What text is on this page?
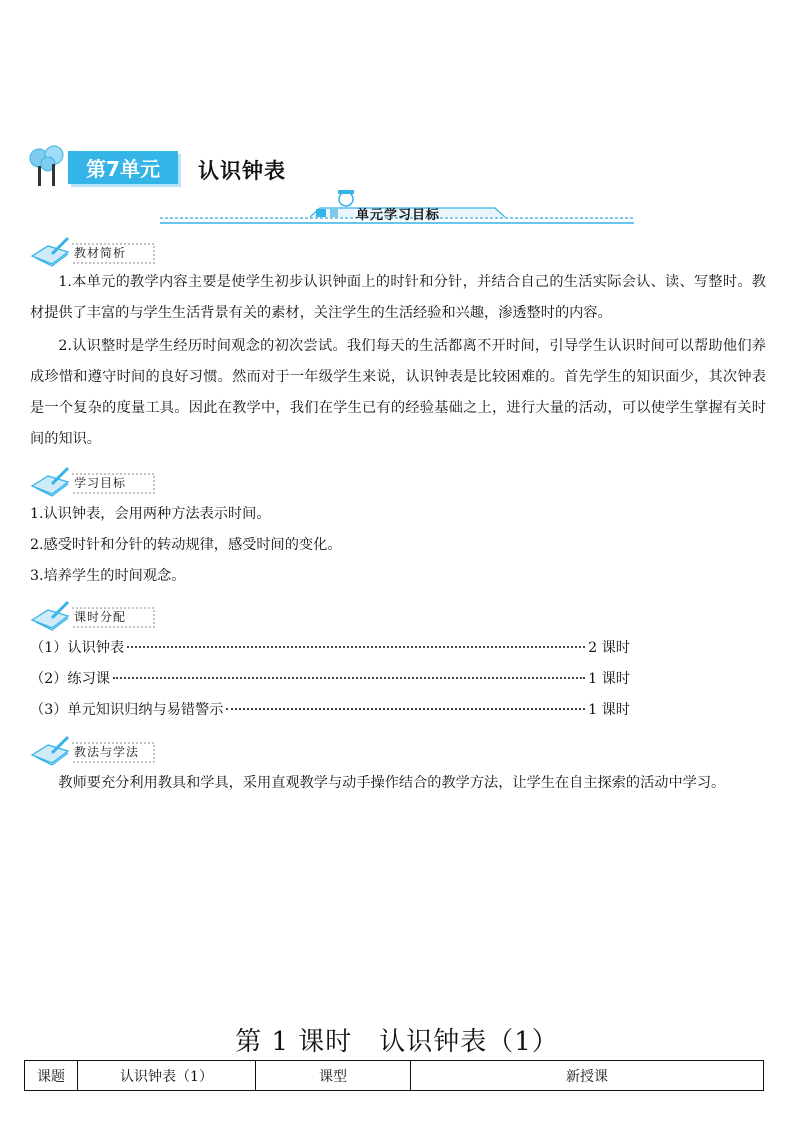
第7单元	认识钟表
单元学习目标
教材简析
1.本单元的教学内容主要是使学生初步认识钟面上的时针和分针，并结合自己的生活实际会认、读、写整时。教材提供了丰富的与学生生活背景有关的素材，关注学生的生活经验和兴趣，渗透整时的内容。
2.认识整时是学生经历时间观念的初次尝试。我们每天的生活都离不开时间，引导学生认识时间可以帮助他们养成珍惜和遵守时间的良好习惯。然而对于一年级学生来说，认识钟表是比较困难的。首先学生的知识面少，其次钟表是一个复杂的度量工具。因此在教学中，我们在学生已有的经验基础之上，进行大量的活动，可以使学生掌握有关时间的知识。
学习目标
1.认识钟表，会用两种方法表示时间。
2.感受时针和分针的转动规律，感受时间的变化。
3.培养学生的时间观念。
课时分配
（1）认识钟表	2 课时
（2）练习课	1 课时
（3）单元知识归纳与易错警示	1 课时
教法与学法
教师要充分利用教具和学具，采用直观教学与动手操作结合的教学方法，让学生在自主探索的活动中学习。
第 1 课时　认识钟表（1）
课题	认识钟表（1）	课型	新授课
